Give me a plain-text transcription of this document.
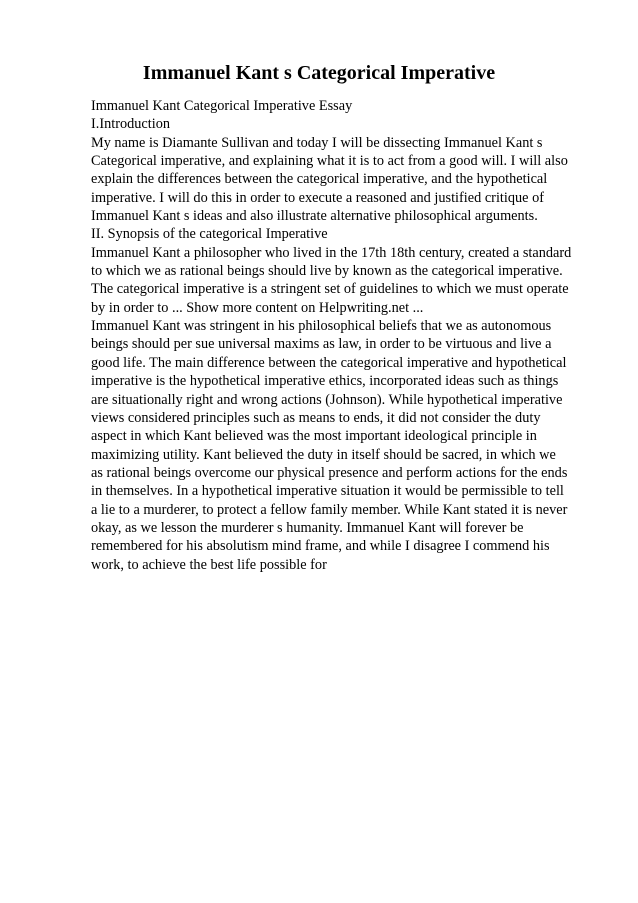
Immanuel Kant s Categorical Imperative
Immanuel Kant Categorical Imperative Essay
I.Introduction
My name is Diamante Sullivan and today I will be dissecting Immanuel Kant s
Categorical imperative, and explaining what it is to act from a good will. I will also
explain the differences between the categorical imperative, and the hypothetical
imperative. I will do this in order to execute a reasoned and justified critique of
Immanuel Kant s ideas and also illustrate alternative philosophical arguments.
II. Synopsis of the categorical Imperative
Immanuel Kant a philosopher who lived in the 17th 18th century, created a standard
to which we as rational beings should live by known as the categorical imperative.
The categorical imperative is a stringent set of guidelines to which we must operate
by in order to ... Show more content on Helpwriting.net ...
Immanuel Kant was stringent in his philosophical beliefs that we as autonomous
beings should per sue universal maxims as law, in order to be virtuous and live a
good life. The main difference between the categorical imperative and hypothetical
imperative is the hypothetical imperative ethics, incorporated ideas such as things
are situationally right and wrong actions (Johnson). While hypothetical imperative
views considered principles such as means to ends, it did not consider the duty
aspect in which Kant believed was the most important ideological principle in
maximizing utility. Kant believed the duty in itself should be sacred, in which we
as rational beings overcome our physical presence and perform actions for the ends
in themselves. In a hypothetical imperative situation it would be permissible to tell
a lie to a murderer, to protect a fellow family member. While Kant stated it is never
okay, as we lesson the murderer s humanity. Immanuel Kant will forever be
remembered for his absolutism mind frame, and while I disagree I commend his
work, to achieve the best life possible for
